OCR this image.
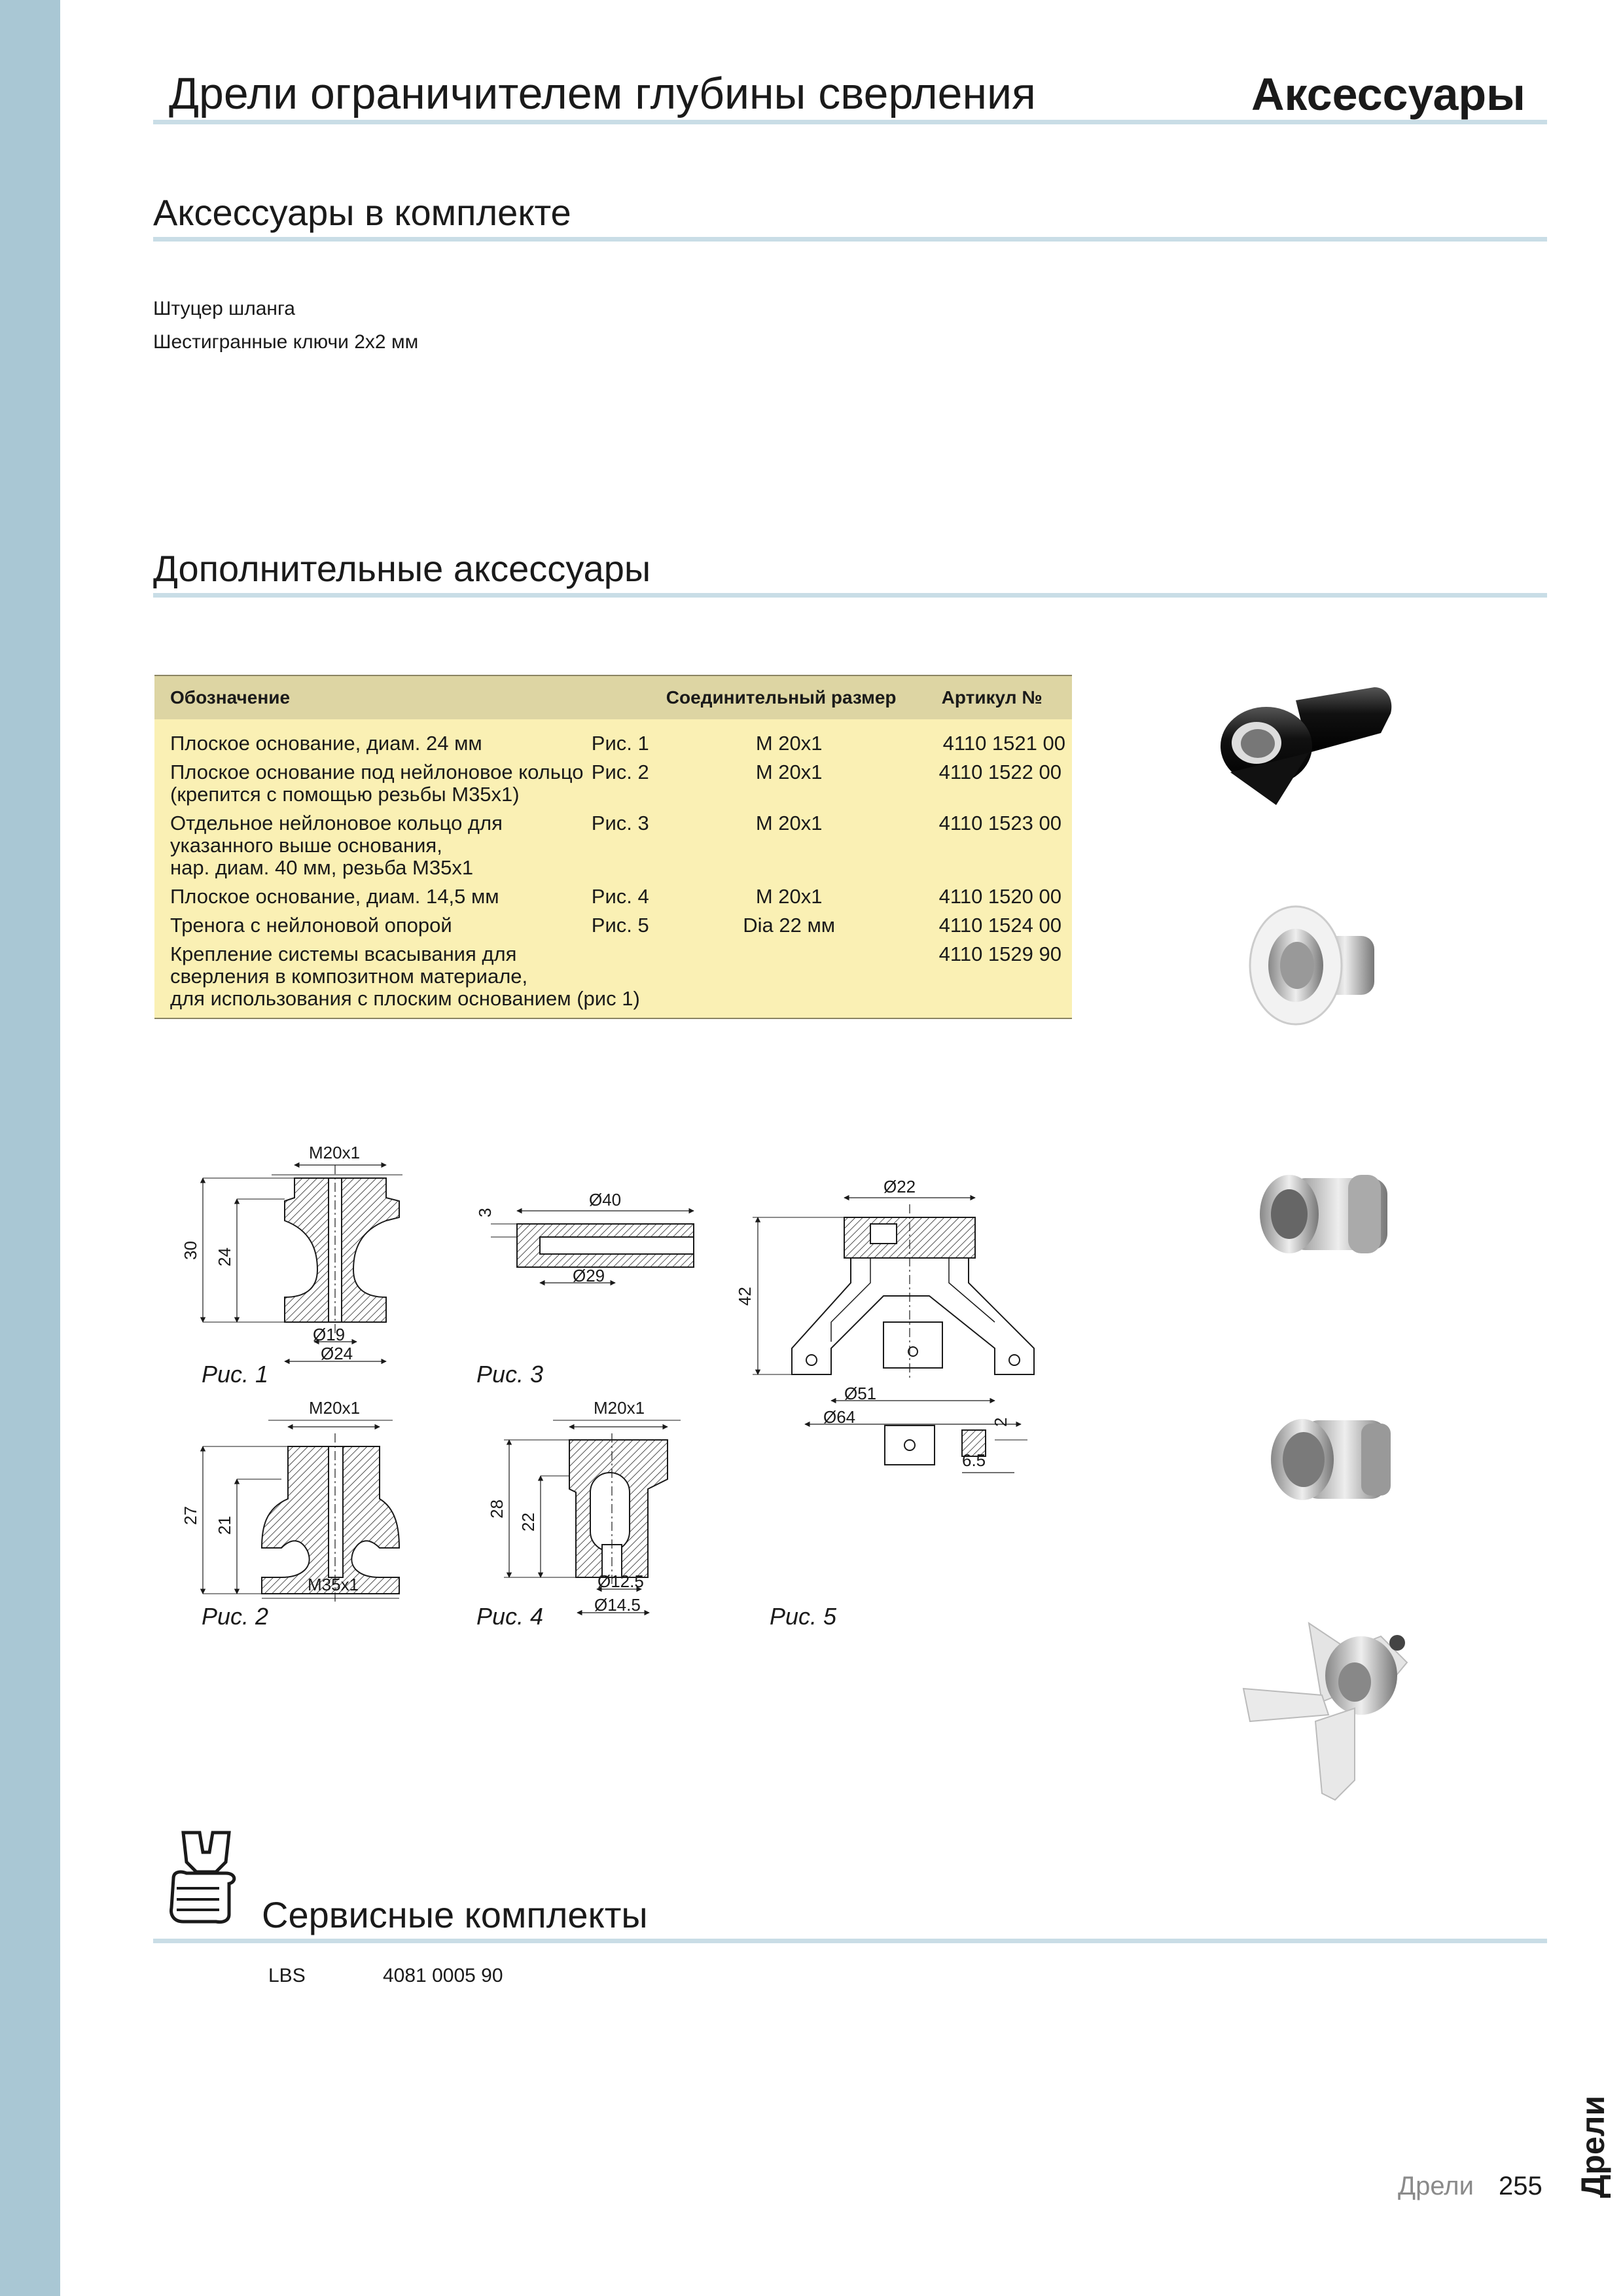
Дрели
Дрели ограничителем глубины сверления	Аксессуары
Аксессуары в комплекте
Штуцер шланга
Шестигранные ключи 2x2 мм
Дополнительные аксессуары
Обозначение		Соединительный размер	Артикул №

Плоское основание, диам. 24 мм	Рис. 1	M 20x1	4110 1521 00

Плоское основание под нейлоновое кольцо
(крепится с помощью резьбы M35x1)	Рис. 2	M 20x1	4110 1522 00

Отдельное нейлоновое кольцо для
указанного выше основания,
нар. диам. 40 мм, резьба M35x1	Рис. 3	M 20x1	4110 1523 00

Плоское основание, диам. 14,5 мм	Рис. 4	M 20x1	4110 1520 00

Тренога с нейлоновой опорой	Рис. 5	Dia 22 мм	4110 1524 00

Крепление системы всасывания для
сверления в композитном материале,
для использования с плоским основанием (рис 1)			4110 1529 90
M20x1
30 24
Ø19
Ø24
Рис. 1
Ø40
Ø29
3
Рис. 3
Ø22
42
Ø51
Ø64	2
6.5
Рис. 5
M20x1
27
21
M35x1
Рис. 2
M20x1
28
22
Ø12.5
Ø14.5
Рис. 4
Сервисные комплекты
LBS	4081 0005 90
Дрели 255
